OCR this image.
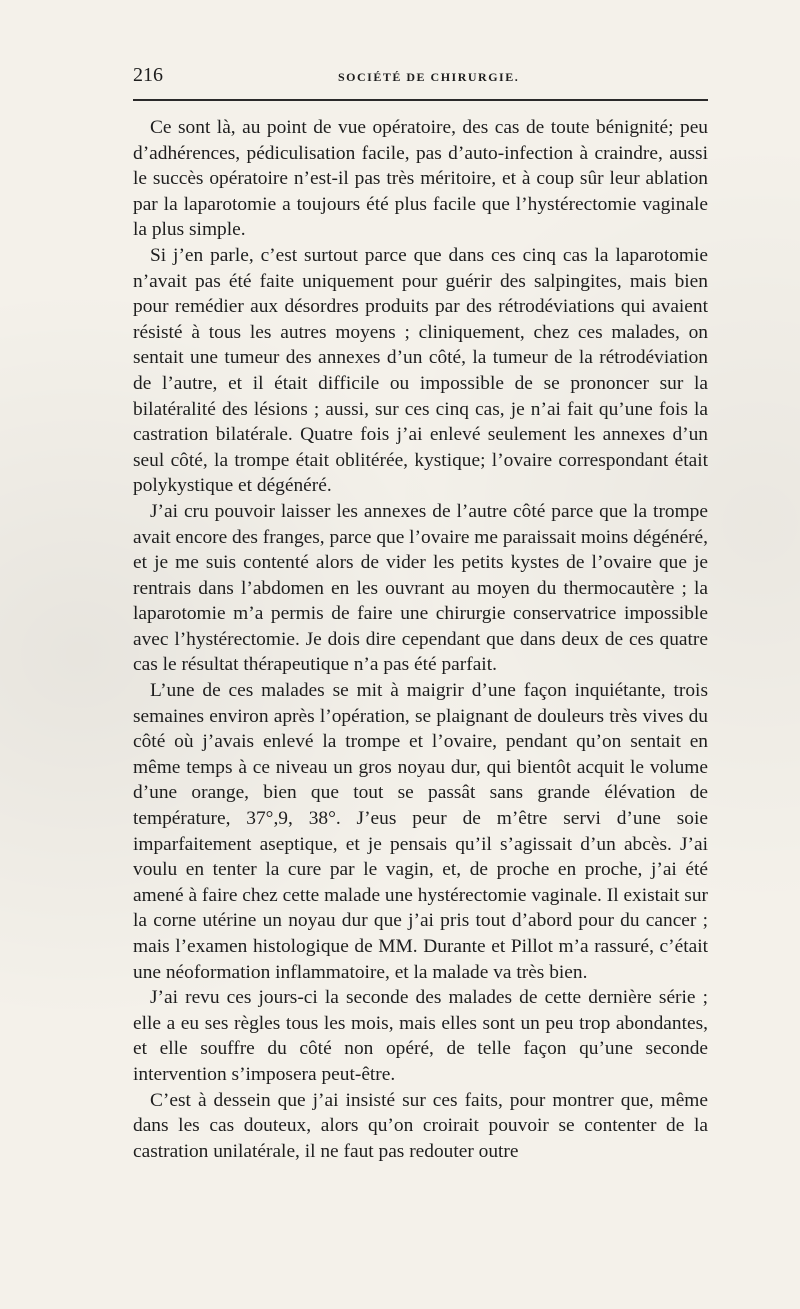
216	SOCIÉTÉ DE CHIRURGIE.

Ce sont là, au point de vue opératoire, des cas de toute bénignité; peu d’adhérences, pédiculisation facile, pas d’auto-infection à craindre, aussi le succès opératoire n’est-il pas très méritoire, et à coup sûr leur ablation par la laparotomie a toujours été plus facile que l’hystérectomie vaginale la plus simple.

Si j’en parle, c’est surtout parce que dans ces cinq cas la laparotomie n’avait pas été faite uniquement pour guérir des salpingites, mais bien pour remédier aux désordres produits par des rétrodéviations qui avaient résisté à tous les autres moyens ; cliniquement, chez ces malades, on sentait une tumeur des annexes d’un côté, la tumeur de la rétrodéviation de l’autre, et il était difficile ou impossible de se prononcer sur la bilatéralité des lésions ; aussi, sur ces cinq cas, je n’ai fait qu’une fois la castration bilatérale. Quatre fois j’ai enlevé seulement les annexes d’un seul côté, la trompe était oblitérée, kystique; l’ovaire correspondant était polykystique et dégénéré.

J’ai cru pouvoir laisser les annexes de l’autre côté parce que la trompe avait encore des franges, parce que l’ovaire me paraissait moins dégénéré, et je me suis contenté alors de vider les petits kystes de l’ovaire que je rentrais dans l’abdomen en les ouvrant au moyen du thermocautère ; la laparotomie m’a permis de faire une chirurgie conservatrice impossible avec l’hystérectomie. Je dois dire cependant que dans deux de ces quatre cas le résultat thérapeutique n’a pas été parfait.

L’une de ces malades se mit à maigrir d’une façon inquiétante, trois semaines environ après l’opération, se plaignant de douleurs très vives du côté où j’avais enlevé la trompe et l’ovaire, pendant qu’on sentait en même temps à ce niveau un gros noyau dur, qui bientôt acquit le volume d’une orange, bien que tout se passât sans grande élévation de température, 37°,9, 38°. J’eus peur de m’être servi d’une soie imparfaitement aseptique, et je pensais qu’il s’agissait d’un abcès. J’ai voulu en tenter la cure par le vagin, et, de proche en proche, j’ai été amené à faire chez cette malade une hystérectomie vaginale. Il existait sur la corne utérine un noyau dur que j’ai pris tout d’abord pour du cancer ; mais l’examen histologique de MM. Durante et Pillot m’a rassuré, c’était une néoformation inflammatoire, et la malade va très bien.

J’ai revu ces jours-ci la seconde des malades de cette dernière série ; elle a eu ses règles tous les mois, mais elles sont un peu trop abondantes, et elle souffre du côté non opéré, de telle façon qu’une seconde intervention s’imposera peut-être.

C’est à dessein que j’ai insisté sur ces faits, pour montrer que, même dans les cas douteux, alors qu’on croirait pouvoir se contenter de la castration unilatérale, il ne faut pas redouter outre
